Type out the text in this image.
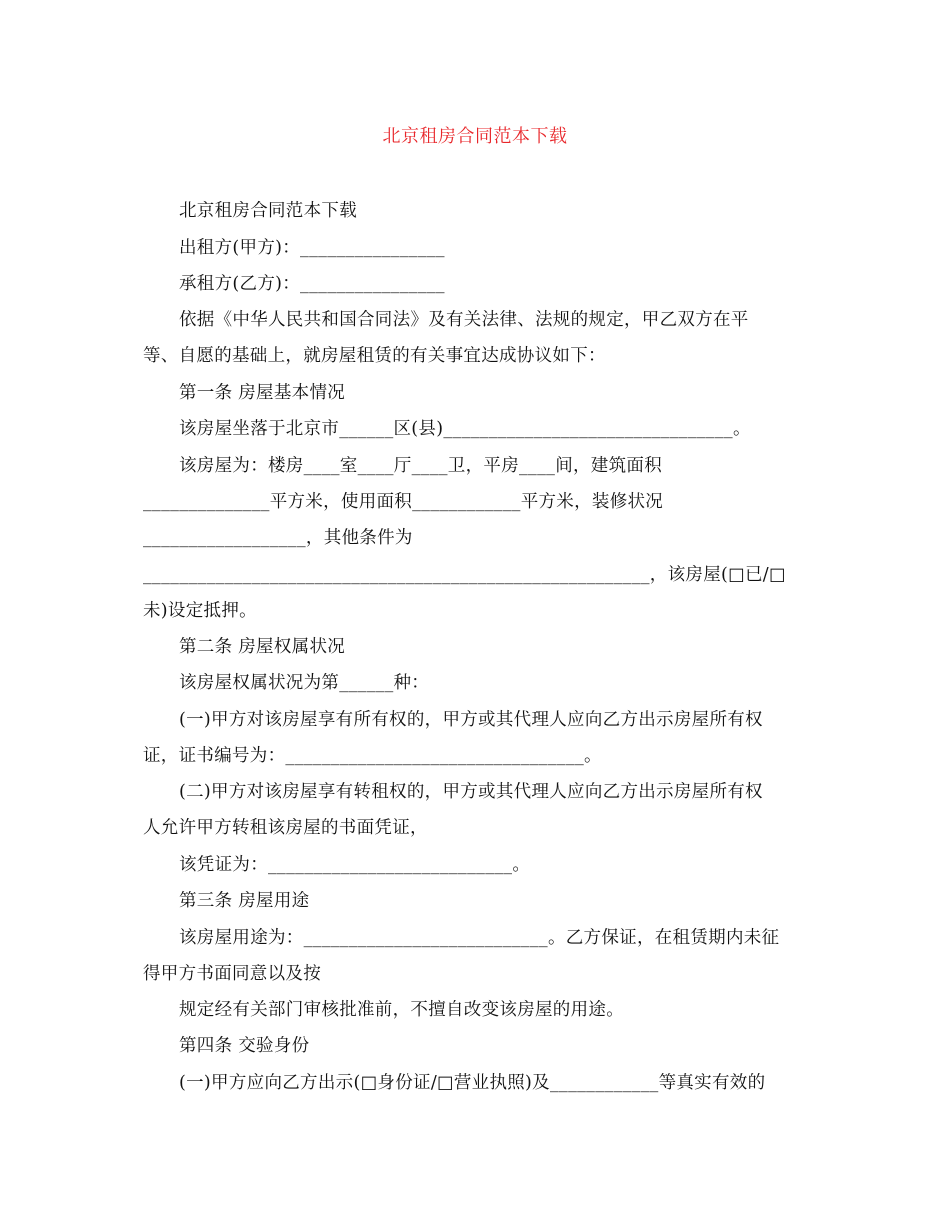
北京租房合同范本下载
北京租房合同范本下载
出租方(甲方)：________________
承租方(乙方)：________________
依据《中华人民共和国合同法》及有关法律、法规的规定，甲乙双方在平
等、自愿的基础上，就房屋租赁的有关事宜达成协议如下：
第一条 房屋基本情况
该房屋坐落于北京市______区(县)________________________________。
该房屋为：楼房____室____厅____卫，平房____间，建筑面积
______________平方米，使用面积____________平方米，装修状况
__________________，其他条件为
________________________________________________________，该房屋(□已/□
未)设定抵押。
第二条 房屋权属状况
该房屋权属状况为第______种：
(一)甲方对该房屋享有所有权的，甲方或其代理人应向乙方出示房屋所有权
证，证书编号为：_________________________________。
(二)甲方对该房屋享有转租权的，甲方或其代理人应向乙方出示房屋所有权
人允许甲方转租该房屋的书面凭证，
该凭证为：___________________________。
第三条 房屋用途
该房屋用途为：___________________________。乙方保证，在租赁期内未征
得甲方书面同意以及按
规定经有关部门审核批准前，不擅自改变该房屋的用途。
第四条 交验身份
(一)甲方应向乙方出示(□身份证/□营业执照)及____________等真实有效的
